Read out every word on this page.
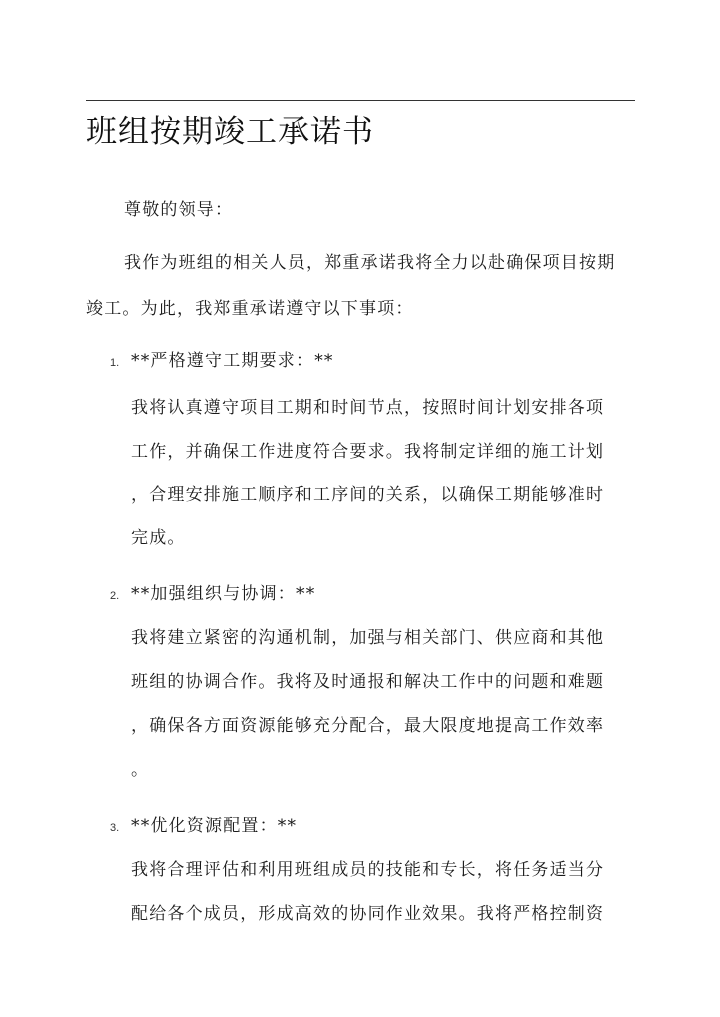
班组按期竣工承诺书
尊敬的领导：
我作为班组的相关人员，郑重承诺我将全力以赴确保项目按期
竣工。为此，我郑重承诺遵守以下事项：
1. **严格遵守工期要求：**
我将认真遵守项目工期和时间节点，按照时间计划安排各项
工作，并确保工作进度符合要求。我将制定详细的施工计划
，合理安排施工顺序和工序间的关系，以确保工期能够准时
完成。
2. **加强组织与协调：**
我将建立紧密的沟通机制，加强与相关部门、供应商和其他
班组的协调合作。我将及时通报和解决工作中的问题和难题
，确保各方面资源能够充分配合，最大限度地提高工作效率
。
3. **优化资源配置：**
我将合理评估和利用班组成员的技能和专长，将任务适当分
配给各个成员，形成高效的协同作业效果。我将严格控制资
